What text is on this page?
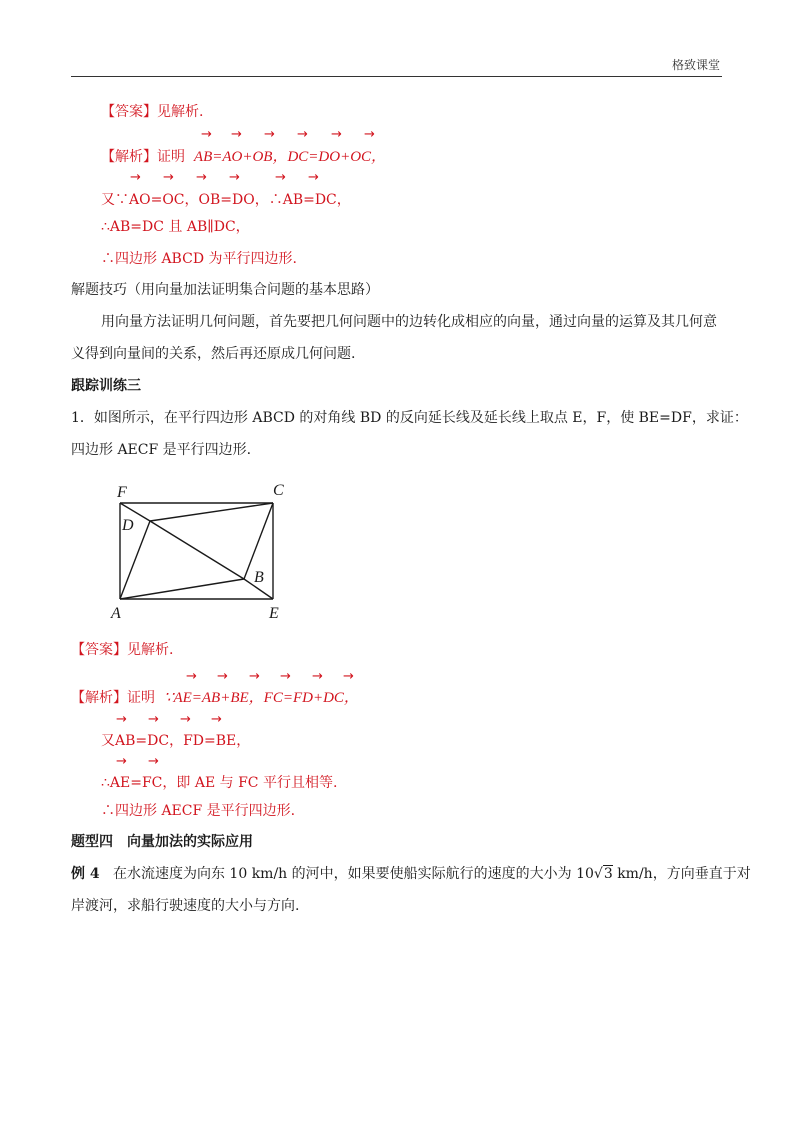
格致课堂
【答案】见解析.
→ → → → → →
【解析】证明 AB=AO+OB，DC=DO+OC，
→ → → →	→ →
又∵AO=OC，OB=DO，∴AB=DC，
∴AB=DC 且 AB∥DC，
∴四边形 ABCD 为平行四边形.
解题技巧（用向量加法证明集合问题的基本思路）
用向量方法证明几何问题，首先要把几何问题中的边转化成相应的向量，通过向量的运算及其几何意
义得到向量间的关系，然后再还原成几何问题.
跟踪训练三
1．如图所示，在平行四边形 ABCD 的对角线 BD 的反向延长线及延长线上取点 E，F，使 BE=DF，求证：
四边形 AECF 是平行四边形.
F	C
D
B
A	E
【答案】见解析.
→ → → → → →
【解析】证明 ∵AE=AB+BE，FC=FD+DC，
→ → → →
又AB=DC，FD=BE，
→ →
∴AE=FC，即 AE 与 FC 平行且相等.
∴四边形 AECF 是平行四边形.
题型四　向量加法的实际应用
例 4 在水流速度为向东 10 km/h 的河中，如果要使船实际航行的速度的大小为 10√3 km/h，方向垂直于对
岸渡河，求船行驶速度的大小与方向.
